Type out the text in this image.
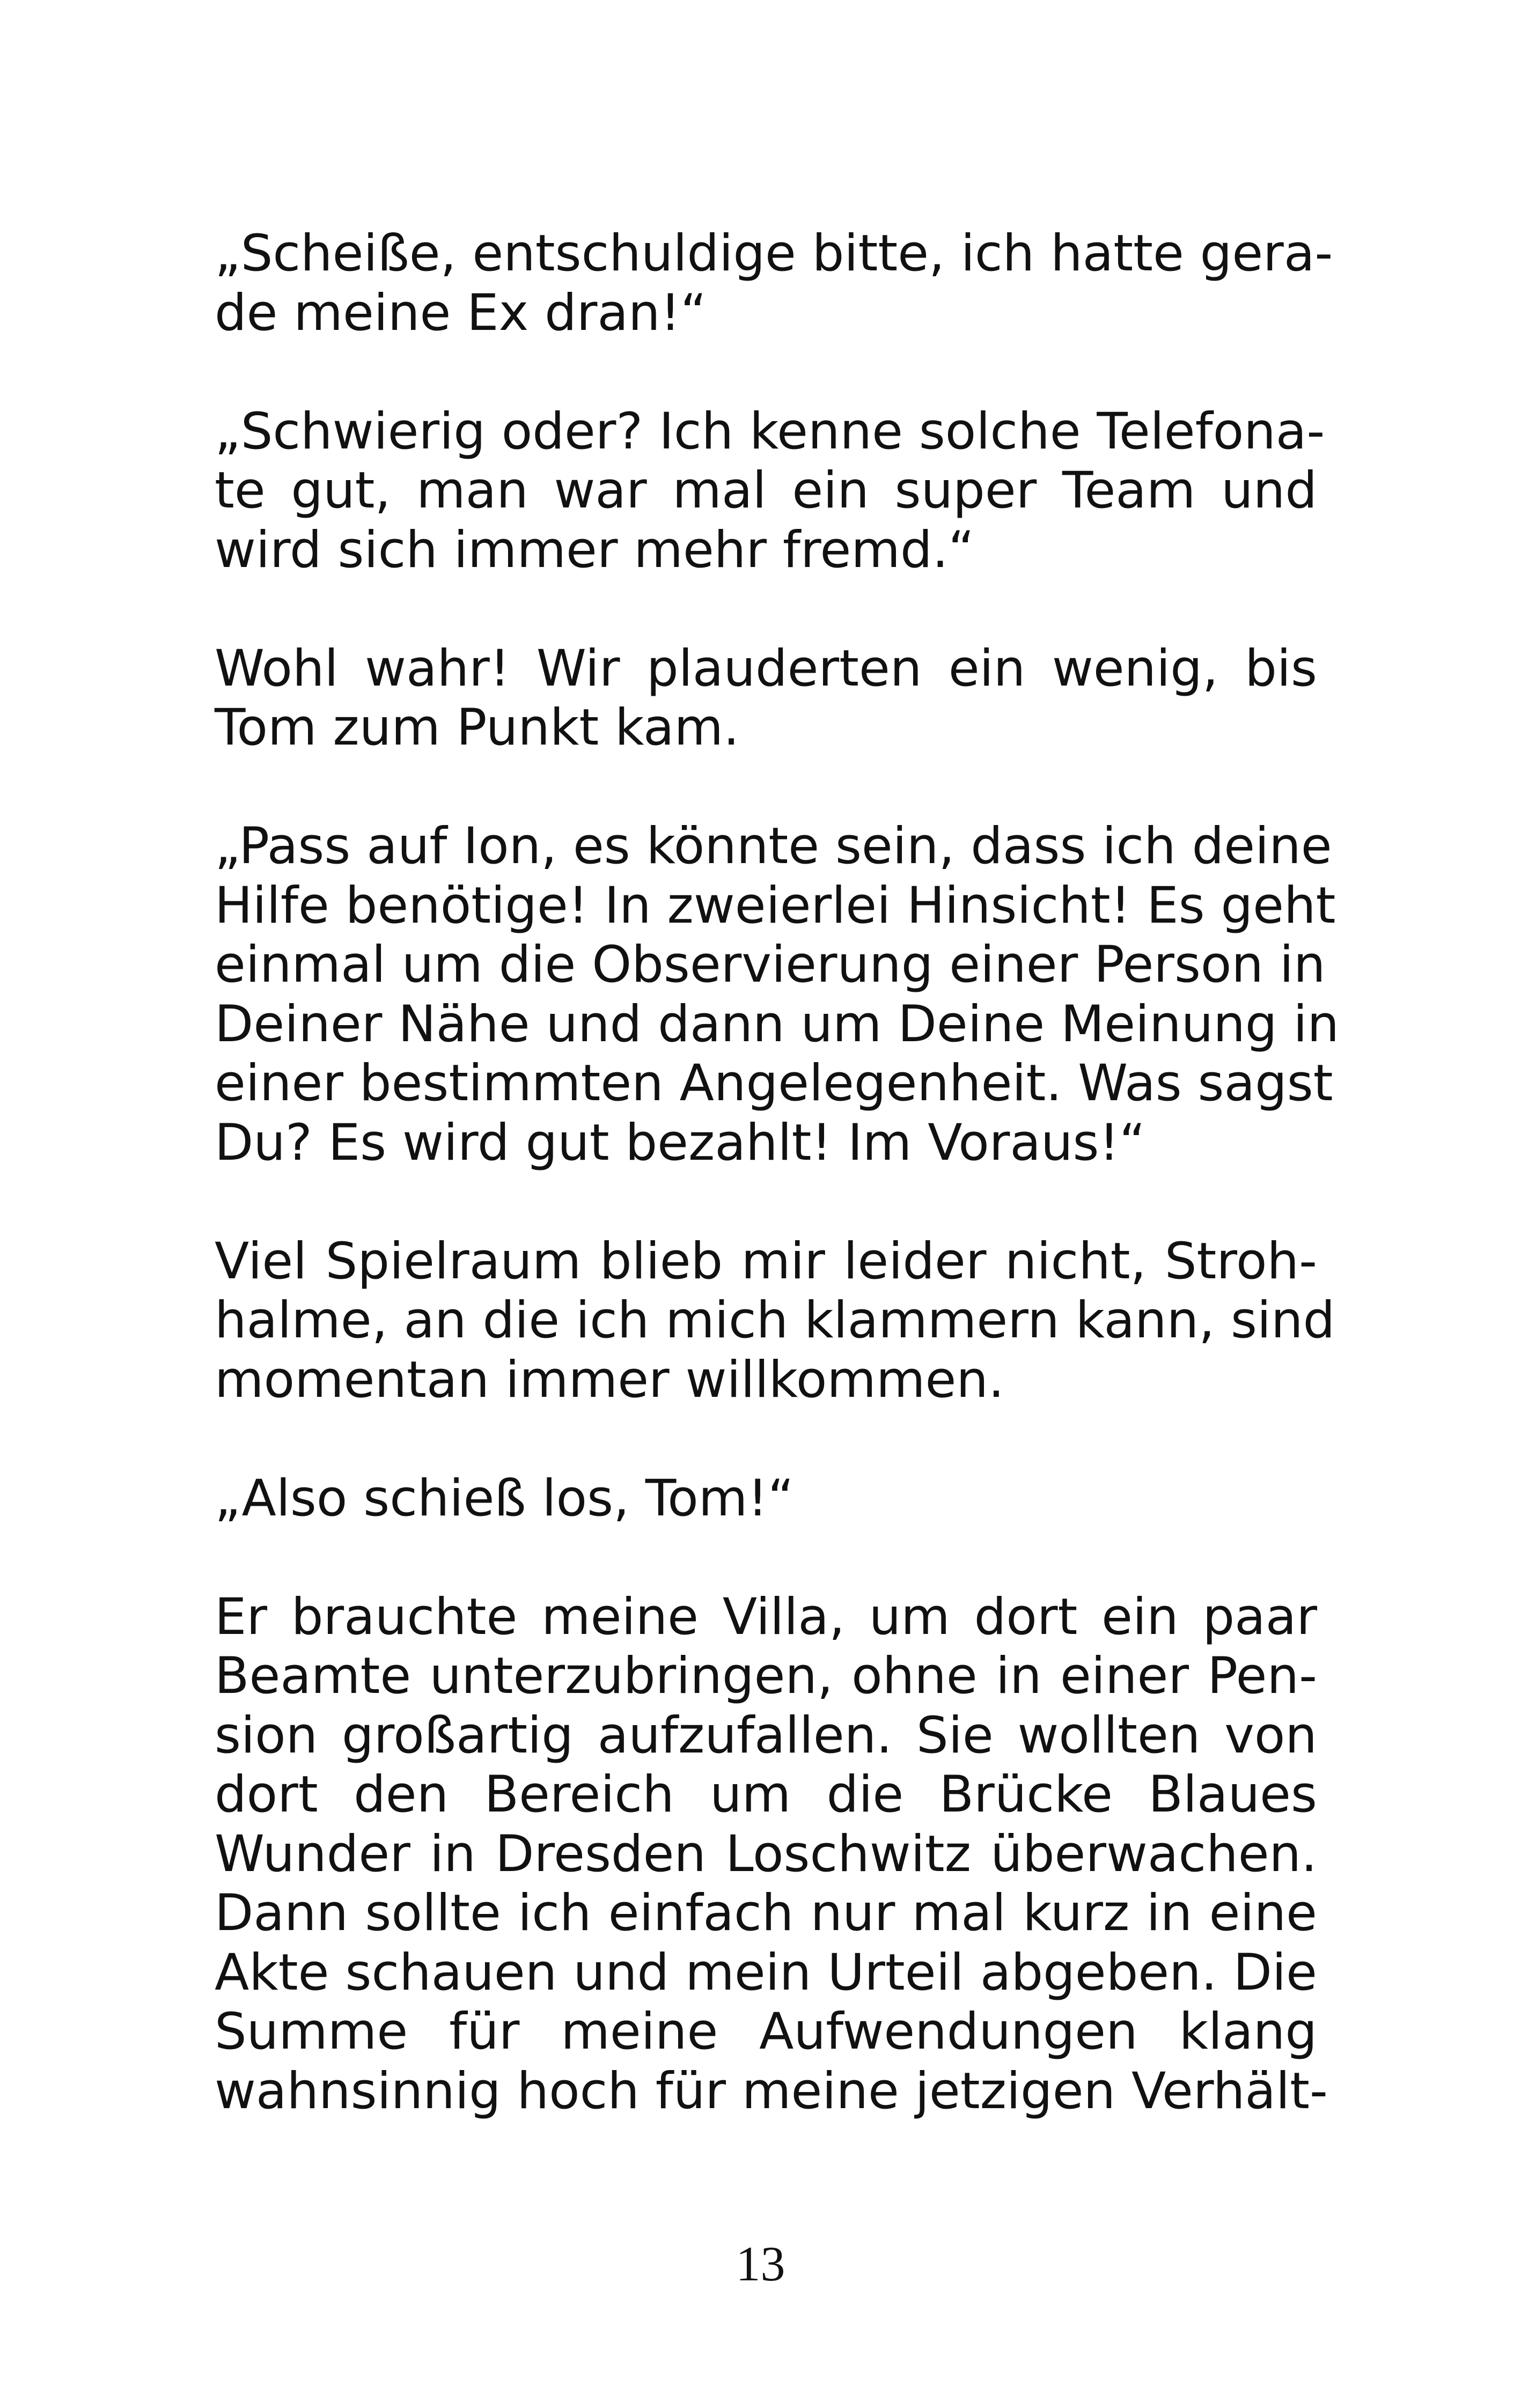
„Scheiße, entschuldige bitte, ich hatte gera-
de meine Ex dran!“

„Schwierig oder? Ich kenne solche Telefona-
te gut, man war mal ein super Team und
wird sich immer mehr fremd.“

Wohl wahr! Wir plauderten ein wenig, bis
Tom zum Punkt kam.

„Pass auf Ion, es könnte sein, dass ich deine
Hilfe benötige! In zweierlei Hinsicht! Es geht
einmal um die Observierung einer Person in
Deiner Nähe und dann um Deine Meinung in
einer bestimmten Angelegenheit. Was sagst
Du? Es wird gut bezahlt! Im Voraus!“

Viel Spielraum blieb mir leider nicht, Stroh-
halme, an die ich mich klammern kann, sind
momentan immer willkommen.

„Also schieß los, Tom!“

Er brauchte meine Villa, um dort ein paar
Beamte unterzubringen, ohne in einer Pen-
sion großartig aufzufallen. Sie wollten von
dort den Bereich um die Brücke Blaues
Wunder in Dresden Loschwitz überwachen.
Dann sollte ich einfach nur mal kurz in eine
Akte schauen und mein Urteil abgeben. Die
Summe für meine Aufwendungen klang
wahnsinnig hoch für meine jetzigen Verhält-

13
